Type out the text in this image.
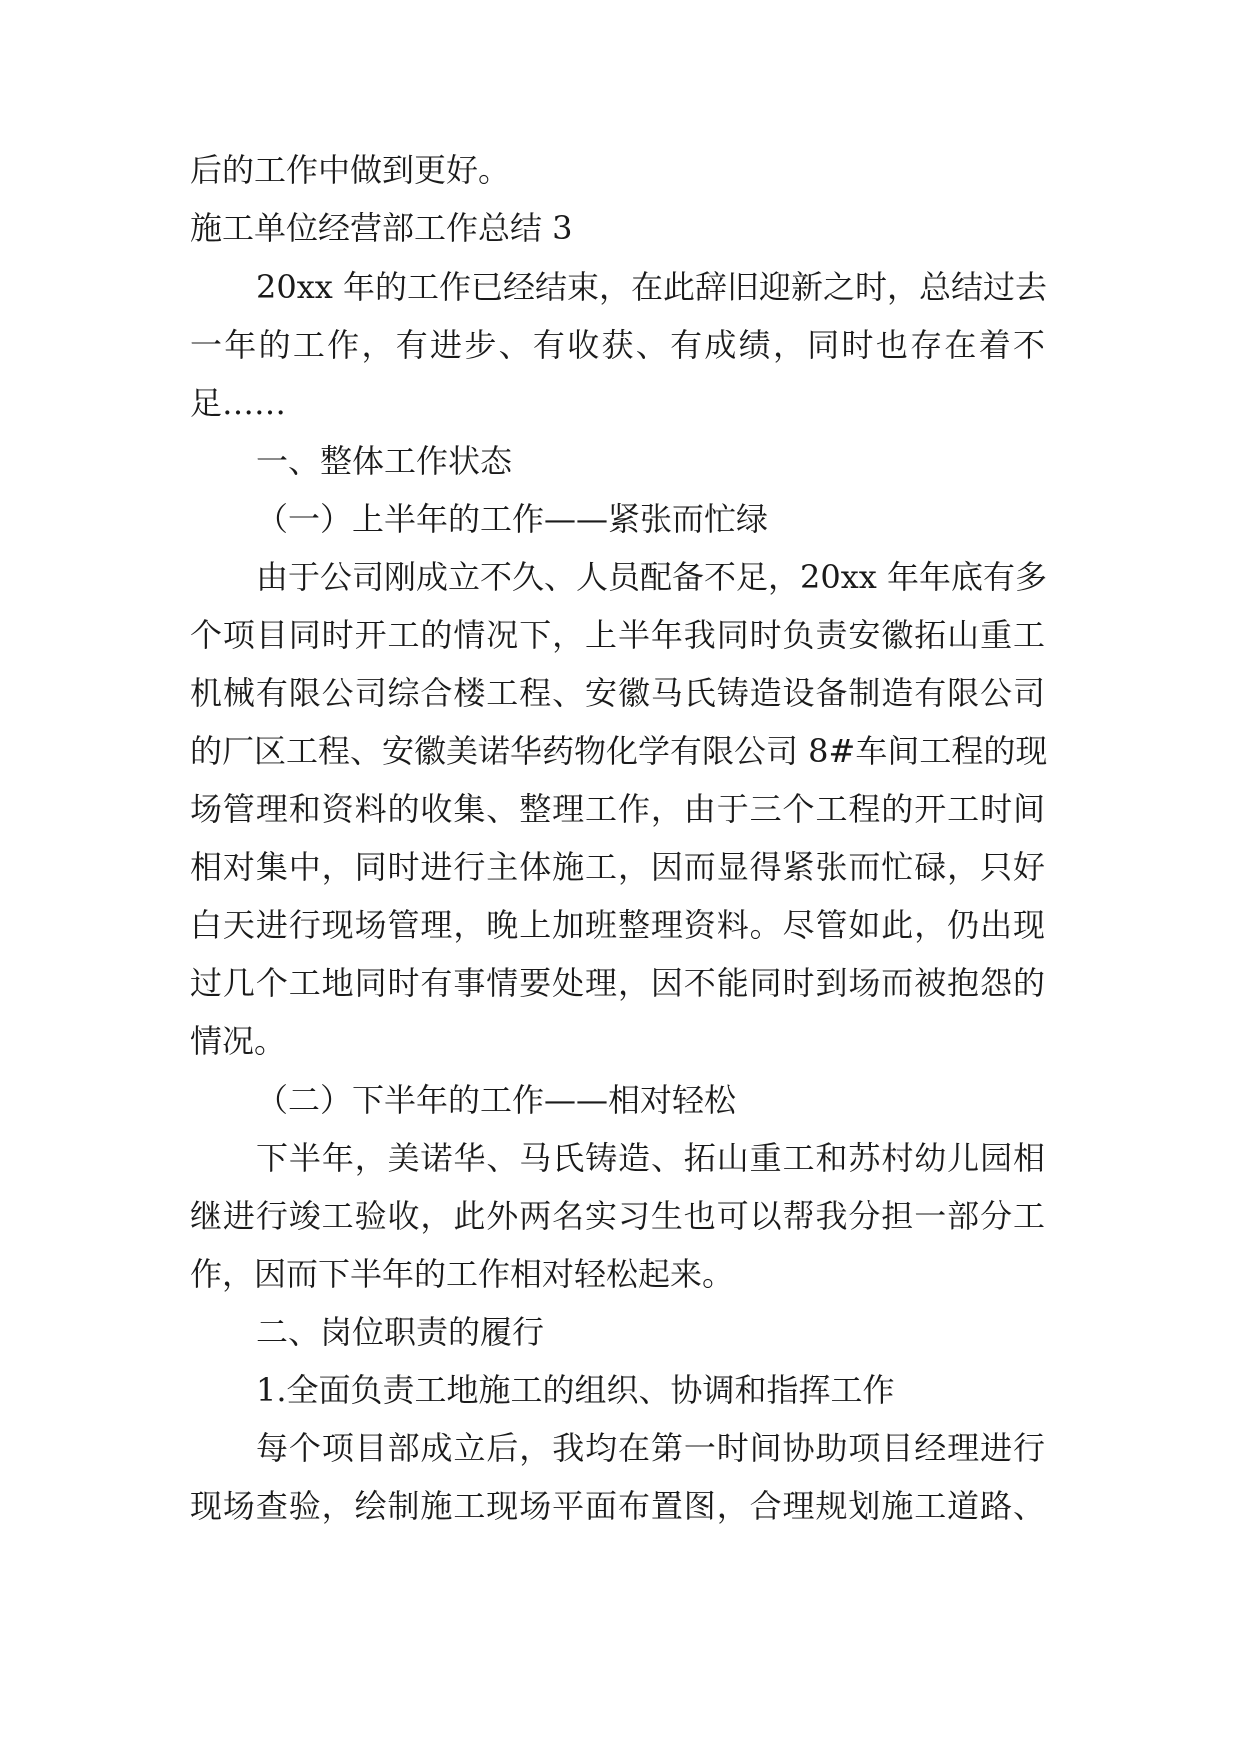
后的工作中做到更好。
施工单位经营部工作总结 3
20xx 年的工作已经结束，在此辞旧迎新之时，总结过去
一年的工作，有进步、有收获、有成绩，同时也存在着不
足……
一、整体工作状态
（一）上半年的工作——紧张而忙绿
由于公司刚成立不久、人员配备不足，20xx 年年底有多
个项目同时开工的情况下，上半年我同时负责安徽拓山重工
机械有限公司综合楼工程、安徽马氏铸造设备制造有限公司
的厂区工程、安徽美诺华药物化学有限公司 8#车间工程的现
场管理和资料的收集、整理工作，由于三个工程的开工时间
相对集中，同时进行主体施工，因而显得紧张而忙碌，只好
白天进行现场管理，晚上加班整理资料。尽管如此，仍出现
过几个工地同时有事情要处理，因不能同时到场而被抱怨的
情况。
（二）下半年的工作——相对轻松
下半年，美诺华、马氏铸造、拓山重工和苏村幼儿园相
继进行竣工验收，此外两名实习生也可以帮我分担一部分工
作，因而下半年的工作相对轻松起来。
二、岗位职责的履行
1.全面负责工地施工的组织、协调和指挥工作
每个项目部成立后，我均在第一时间协助项目经理进行
现场查验，绘制施工现场平面布置图，合理规划施工道路、
